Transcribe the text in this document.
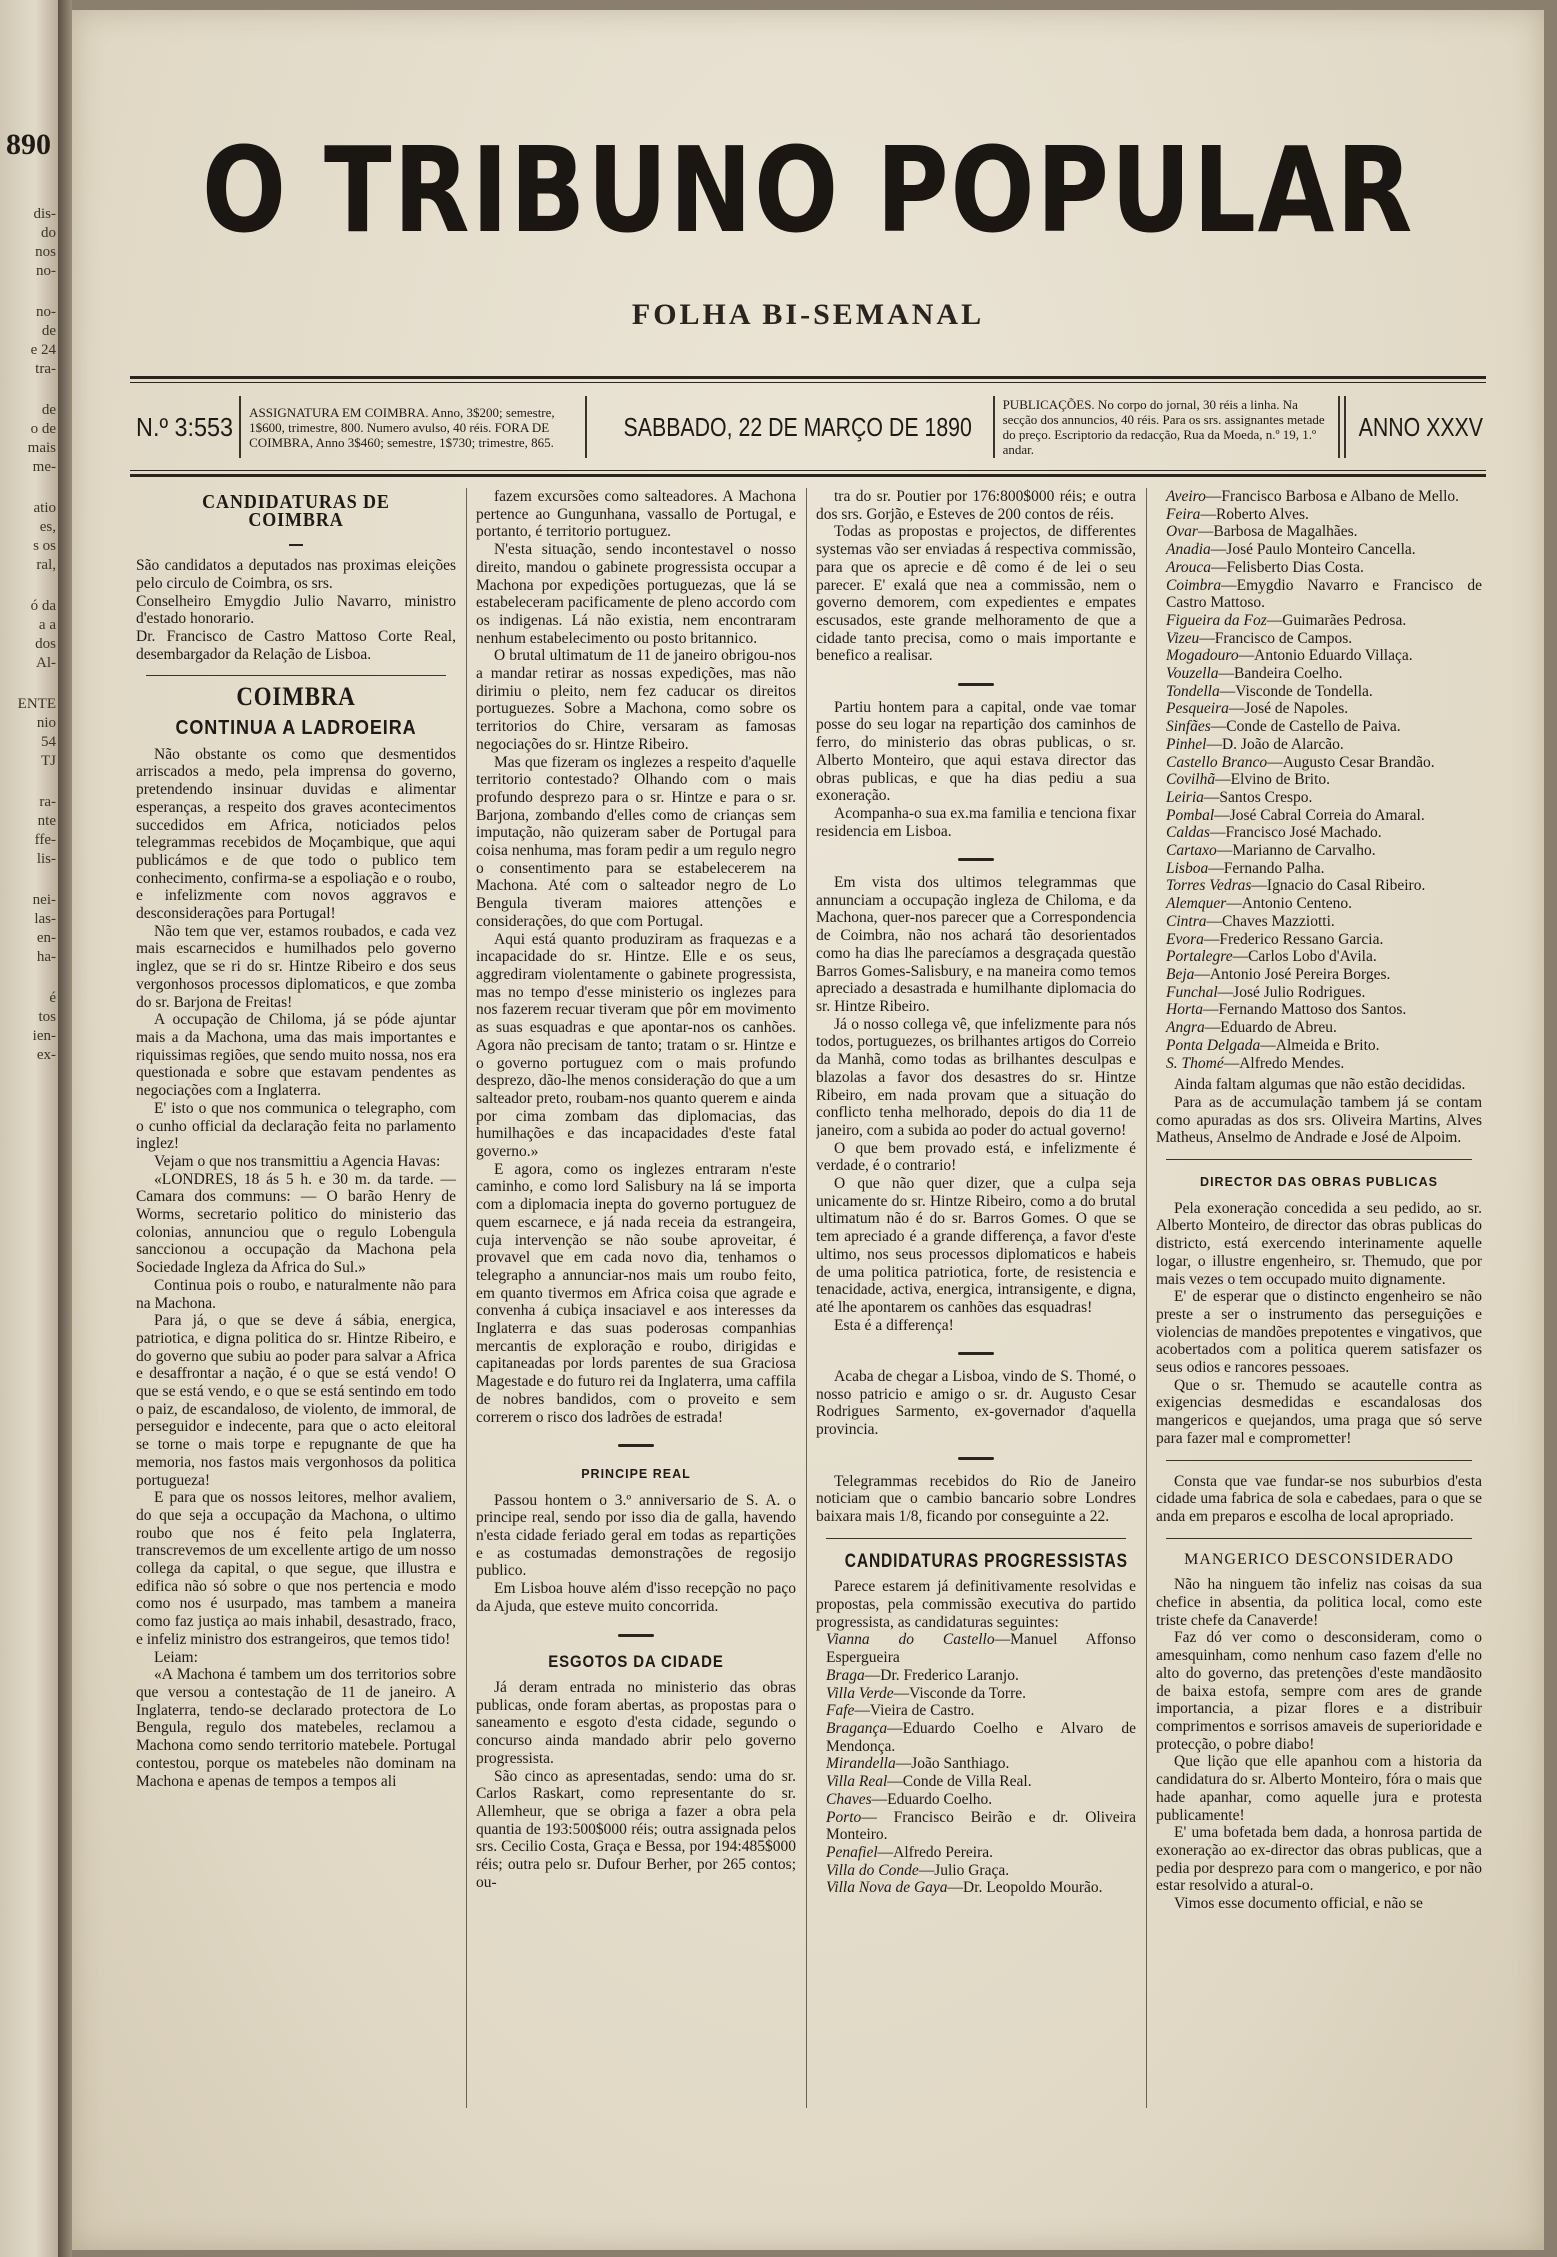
890
dis-
do
nos
no-
no-
de
e 24
tra-
de
o de
mais
me-
atio
es,
s os
ral,
ó da
a a
dos
Al-
ENTE
nio
54
TJ
ra-
nte
ffe-
lis-
nei-
las-
en-
ha-
é
tos
ien-
ex-
O TRIBUNO POPULAR
FOLHA BI-SEMANAL
N.º 3:553	ASSIGNATURA EM COIMBRA. Anno, 3$200; semestre, 1$600, trimestre, 800. Numero avulso, 40 réis. FORA DE COIMBRA, Anno 3$460; semestre, 1$730; trimestre, 865.
SABBADO, 22 DE MARÇO DE 1890
PUBLICAÇÕES. No corpo do jornal, 30 réis a linha. Na secção dos annuncios, 40 réis. Para os srs. assignantes metade do preço. Escriptorio da redacção, Rua da Moeda, n.º 19, 1.º andar.
ANNO XXXV
CANDIDATURAS DE COIMBRA

São candidatos a deputados nas proximas eleições pelo circulo de Coimbra, os srs.

Conselheiro Emygdio Julio Navarro, ministro d'estado honorario.

Dr. Francisco de Castro Mattoso Corte Real, desembargador da Relação de Lisboa.

COIMBRA
CONTINUA A LADROEIRA

Não obstante os como que desmentidos arriscados a medo, pela imprensa do governo, pretendendo insinuar duvidas e alimentar esperanças, a respeito dos graves acontecimentos succedidos em Africa, noticiados pelos telegrammas recebidos de Moçambique, que aqui publicámos e de que todo o publico tem conhecimento, confirma-se a espoliação e o roubo, e infelizmente com novos aggravos e desconsiderações para Portugal!

Não tem que ver, estamos roubados, e cada vez mais escarnecidos e humilhados pelo governo inglez, que se ri do sr. Hintze Ribeiro e dos seus vergonhosos processos diplomaticos, e que zomba do sr. Barjona de Freitas!

A occupação de Chiloma, já se póde ajuntar mais a da Machona, uma das mais importantes e riquissimas regiões, que sendo muito nossa, nos era questionada e sobre que estavam pendentes as negociações com a Inglaterra.

E' isto o que nos communica o telegrapho, com o cunho official da declaração feita no parlamento inglez!

Vejam o que nos transmittiu a Agencia Havas:

«LONDRES, 18 ás 5 h. e 30 m. da tarde. — Camara dos communs: — O barão Henry de Worms, secretario politico do ministerio das colonias, annunciou que o regulo Lobengula sanccionou a occupação da Machona pela Sociedade Ingleza da Africa do Sul.»

Continua pois o roubo, e naturalmente não para na Machona.

Para já, o que se deve á sábia, energica, patriotica, e digna politica do sr. Hintze Ribeiro, e do governo que subiu ao poder para salvar a Africa e desaffrontar a nação, é o que se está vendo! O que se está vendo, e o que se está sentindo em todo o paiz, de escandaloso, de violento, de immoral, de perseguidor e indecente, para que o acto eleitoral se torne o mais torpe e repugnante de que ha memoria, nos fastos mais vergonhosos da politica portugueza!

E para que os nossos leitores, melhor avaliem, do que seja a occupação da Machona, o ultimo roubo que nos é feito pela Inglaterra, transcrevemos de um excellente artigo de um nosso collega da capital, o que segue, que illustra e edifica não só sobre o que nos pertencia e modo como nos é usurpado, mas tambem a maneira como faz justiça ao mais inhabil, desastrado, fraco, e infeliz ministro dos estrangeiros, que temos tido!

Leiam:

«A Machona é tambem um dos territorios sobre que versou a contestação de 11 de janeiro. A Inglaterra, tendo-se declarado protectora de Lo Bengula, regulo dos matebeles, reclamou a Machona como sendo territorio matebele. Portugal contestou, porque os matebeles não dominam na Machona e apenas de tempos a tempos ali

fazem excursões como salteadores. A Machona pertence ao Gungunhana, vassallo de Portugal, e portanto, é territorio portuguez.

N'esta situação, sendo incontestavel o nosso direito, mandou o gabinete progressista occupar a Machona por expedições portuguezas, que lá se estabeleceram pacificamente de pleno accordo com os indigenas. Lá não existia, nem encontraram nenhum estabelecimento ou posto britannico.

O brutal ultimatum de 11 de janeiro obrigou-nos a mandar retirar as nossas expedições, mas não dirimiu o pleito, nem fez caducar os direitos portuguezes. Sobre a Machona, como sobre os territorios do Chire, versaram as famosas negociações do sr. Hintze Ribeiro.

Mas que fizeram os inglezes a respeito d'aquelle territorio contestado? Olhando com o mais profundo desprezo para o sr. Hintze e para o sr. Barjona, zombando d'elles como de crianças sem imputação, não quizeram saber de Portugal para coisa nenhuma, mas foram pedir a um regulo negro o consentimento para se estabelecerem na Machona. Até com o salteador negro de Lo Bengula tiveram maiores attenções e considerações, do que com Portugal.

Aqui está quanto produziram as fraquezas e a incapacidade do sr. Hintze. Elle e os seus, aggrediram violentamente o gabinete progressista, mas no tempo d'esse ministerio os inglezes para nos fazerem recuar tiveram que pôr em movimento as suas esquadras e que apontar-nos os canhões. Agora não precisam de tanto; tratam o sr. Hintze e o governo portuguez com o mais profundo desprezo, dão-lhe menos consideração do que a um salteador preto, roubam-nos quanto querem e ainda por cima zombam das diplomacias, das humilhações e das incapacidades d'este fatal governo.»

E agora, como os inglezes entraram n'este caminho, e como lord Salisbury na lá se importa com a diplomacia inepta do governo portuguez de quem escarnece, e já nada receia da estrangeira, cuja intervenção se não soube aproveitar, é provavel que em cada novo dia, tenhamos o telegrapho a annunciar-nos mais um roubo feito, em quanto tivermos em Africa coisa que agrade e convenha á cubiça insaciavel e aos interesses da Inglaterra e das suas poderosas companhias mercantis de exploração e roubo, dirigidas e capitaneadas por lords parentes de sua Graciosa Magestade e do futuro rei da Inglaterra, uma caffila de nobres bandidos, com o proveito e sem correrem o risco dos ladrões de estrada!

PRINCIPE REAL

Passou hontem o 3.º anniversario de S. A. o principe real, sendo por isso dia de galla, havendo n'esta cidade feriado geral em todas as repartições e as costumadas demonstrações de regosijo publico.

Em Lisboa houve além d'isso recepção no paço da Ajuda, que esteve muito concorrida.

ESGOTOS DA CIDADE

Já deram entrada no ministerio das obras publicas, onde foram abertas, as propostas para o saneamento e esgoto d'esta cidade, segundo o concurso ainda mandado abrir pelo governo progressista.

São cinco as apresentadas, sendo: uma do sr. Carlos Raskart, como representante do sr. Allemheur, que se obriga a fazer a obra pela quantia de 193:500$000 réis; outra assignada pelos srs. Cecilio Costa, Graça e Bessa, por 194:485$000 réis; outra pelo sr. Dufour Berher, por 265 contos; ou-

tra do sr. Poutier por 176:800$000 réis; e outra dos srs. Gorjão, e Esteves de 200 contos de réis.

Todas as propostas e projectos, de differentes systemas vão ser enviadas á respectiva commissão, para que os aprecie e dê como é de lei o seu parecer. E' exalá que nea a commissão, nem o governo demorem, com expedientes e empates escusados, este grande melhoramento de que a cidade tanto precisa, como o mais importante e benefico a realisar.

Partiu hontem para a capital, onde vae tomar posse do seu logar na repartição dos caminhos de ferro, do ministerio das obras publicas, o sr. Alberto Monteiro, que aqui estava director das obras publicas, e que ha dias pediu a sua exoneração.

Acompanha-o sua ex.ma familia e tenciona fixar residencia em Lisboa.

Em vista dos ultimos telegrammas que annunciam a occupação ingleza de Chiloma, e da Machona, quer-nos parecer que a Correspondencia de Coimbra, não nos achará tão desorientados como ha dias lhe parecíamos a desgraçada questão Barros Gomes-Salisbury, e na maneira como temos apreciado a desastrada e humilhante diplomacia do sr. Hintze Ribeiro.

Já o nosso collega vê, que infelizmente para nós todos, portuguezes, os brilhantes artigos do Correio da Manhã, como todas as brilhantes desculpas e blazolas a favor dos desastres do sr. Hintze Ribeiro, em nada provam que a situação do conflicto tenha melhorado, depois do dia 11 de janeiro, com a subida ao poder do actual governo!

O que bem provado está, e infelizmente é verdade, é o contrario!

O que não quer dizer, que a culpa seja unicamente do sr. Hintze Ribeiro, como a do brutal ultimatum não é do sr. Barros Gomes. O que se tem apreciado é a grande differença, a favor d'este ultimo, nos seus processos diplomaticos e habeis de uma politica patriotica, forte, de resistencia e tenacidade, activa, energica, intransigente, e digna, até lhe apontarem os canhões das esquadras!

Esta é a differença!

Acaba de chegar a Lisboa, vindo de S. Thomé, o nosso patricio e amigo o sr. dr. Augusto Cesar Rodrigues Sarmento, ex-governador d'aquella provincia.

Telegrammas recebidos do Rio de Janeiro noticiam que o cambio bancario sobre Londres baixara mais 1/8, ficando por conseguinte a 22.

CANDIDATURAS PROGRESSISTAS

Parece estarem já definitivamente resolvidas e propostas, pela commissão executiva do partido progressista, as candidaturas seguintes:

Vianna do Castello—Manuel Affonso Espergueira

Braga—Dr. Frederico Laranjo.

Villa Verde—Visconde da Torre.

Fafe—Vieira de Castro.

Bragança—Eduardo Coelho e Alvaro de Mendonça.

Mirandella—João Santhiago.

Villa Real—Conde de Villa Real.

Chaves—Eduardo Coelho.

Porto— Francisco Beirão e dr. Oliveira Monteiro.

Penafiel—Alfredo Pereira.

Villa do Conde—Julio Graça.

Villa Nova de Gaya—Dr. Leopoldo Mourão.

Aveiro—Francisco Barbosa e Albano de Mello.

Feira—Roberto Alves.

Ovar—Barbosa de Magalhães.

Anadia—José Paulo Monteiro Cancella.

Arouca—Felisberto Dias Costa.

Coimbra—Emygdio Navarro e Francisco de Castro Mattoso.

Figueira da Foz—Guimarães Pedrosa.

Vizeu—Francisco de Campos.

Mogadouro—Antonio Eduardo Villaça.

Vouzella—Bandeira Coelho.

Tondella—Visconde de Tondella.

Pesqueira—José de Napoles.

Sinfães—Conde de Castello de Paiva.

Pinhel—D. João de Alarcão.

Castello Branco—Augusto Cesar Brandão.

Covilhã—Elvino de Brito.

Leiria—Santos Crespo.

Pombal—José Cabral Correia do Amaral.

Caldas—Francisco José Machado.

Cartaxo—Marianno de Carvalho.

Lisboa—Fernando Palha.

Torres Vedras—Ignacio do Casal Ribeiro.

Alemquer—Antonio Centeno.

Cintra—Chaves Mazziotti.

Evora—Frederico Ressano Garcia.

Portalegre—Carlos Lobo d'Avila.

Beja—Antonio José Pereira Borges.

Funchal—José Julio Rodrigues.

Horta—Fernando Mattoso dos Santos.

Angra—Eduardo de Abreu.

Ponta Delgada—Almeida e Brito.

S. Thomé—Alfredo Mendes.

Ainda faltam algumas que não estão decididas.

Para as de accumulação tambem já se contam como apuradas as dos srs. Oliveira Martins, Alves Matheus, Anselmo de Andrade e José de Alpoim.

DIRECTOR DAS OBRAS PUBLICAS

Pela exoneração concedida a seu pedido, ao sr. Alberto Monteiro, de director das obras publicas do districto, está exercendo interinamente aquelle logar, o illustre engenheiro, sr. Themudo, que por mais vezes o tem occupado muito dignamente.

E' de esperar que o distincto engenheiro se não preste a ser o instrumento das perseguições e violencias de mandões prepotentes e vingativos, que acobertados com a politica querem satisfazer os seus odios e rancores pessoaes.

Que o sr. Themudo se acautelle contra as exigencias desmedidas e escandalosas dos mangericos e quejandos, uma praga que só serve para fazer mal e comprometter!

Consta que vae fundar-se nos suburbios d'esta cidade uma fabrica de sola e cabedaes, para o que se anda em preparos e escolha de local apropriado.

MANGERICO DESCONSIDERADO

Não ha ninguem tão infeliz nas coisas da sua chefice in absentia, da politica local, como este triste chefe da Canaverde!

Faz dó ver como o desconsideram, como o amesquinham, como nenhum caso fazem d'elle no alto do governo, das pretenções d'este mandãosito de baixa estofa, sempre com ares de grande importancia, a pizar flores e a distribuir comprimentos e sorrisos amaveis de superioridade e protecção, o pobre diabo!

Que lição que elle apanhou com a historia da candidatura do sr. Alberto Monteiro, fóra o mais que hade apanhar, como aquelle jura e protesta publicamente!

E' uma bofetada bem dada, a honrosa partida de exoneração ao ex-director das obras publicas, que a pedia por desprezo para com o mangerico, e por não estar resolvido a atural-o.

Vimos esse documento official, e não se
